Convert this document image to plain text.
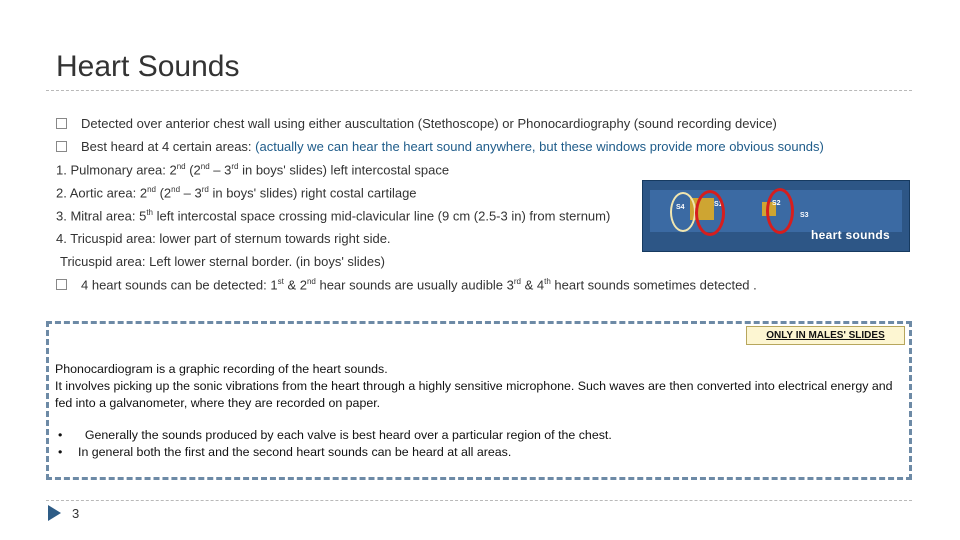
Heart Sounds
Detected over anterior chest wall using either auscultation (Stethoscope) or Phonocardiography (sound recording device)
Best heard at 4 certain areas: (actually we can hear the heart sound anywhere, but these windows provide more obvious sounds)
1. Pulmonary area: 2nd (2nd – 3rd in boys' slides) left intercostal space
2. Aortic area: 2nd (2nd – 3rd in boys' slides) right costal cartilage
3. Mitral area: 5th left intercostal space crossing mid-clavicular line (9 cm (2.5-3 in) from sternum)
4. Tricuspid area: lower part of sternum towards right side.
Tricuspid area: Left lower sternal border. (in boys' slides)
4 heart sounds can be detected: 1st & 2nd hear sounds are usually audible 3rd & 4th heart sounds sometimes detected .
S4	S1	S2
S3
heart sounds
ONLY IN MALES' SLIDES
Phonocardiogram is a graphic recording of the heart sounds.
It involves picking up the sonic vibrations from the heart through a highly sensitive microphone. Such waves are then converted into electrical energy and fed into a galvanometer, where they are recorded on paper.
•	Generally the sounds produced by each valve is best heard over a particular region of the chest.
•	In general both the first and the second heart sounds can be heard at all areas.
3
